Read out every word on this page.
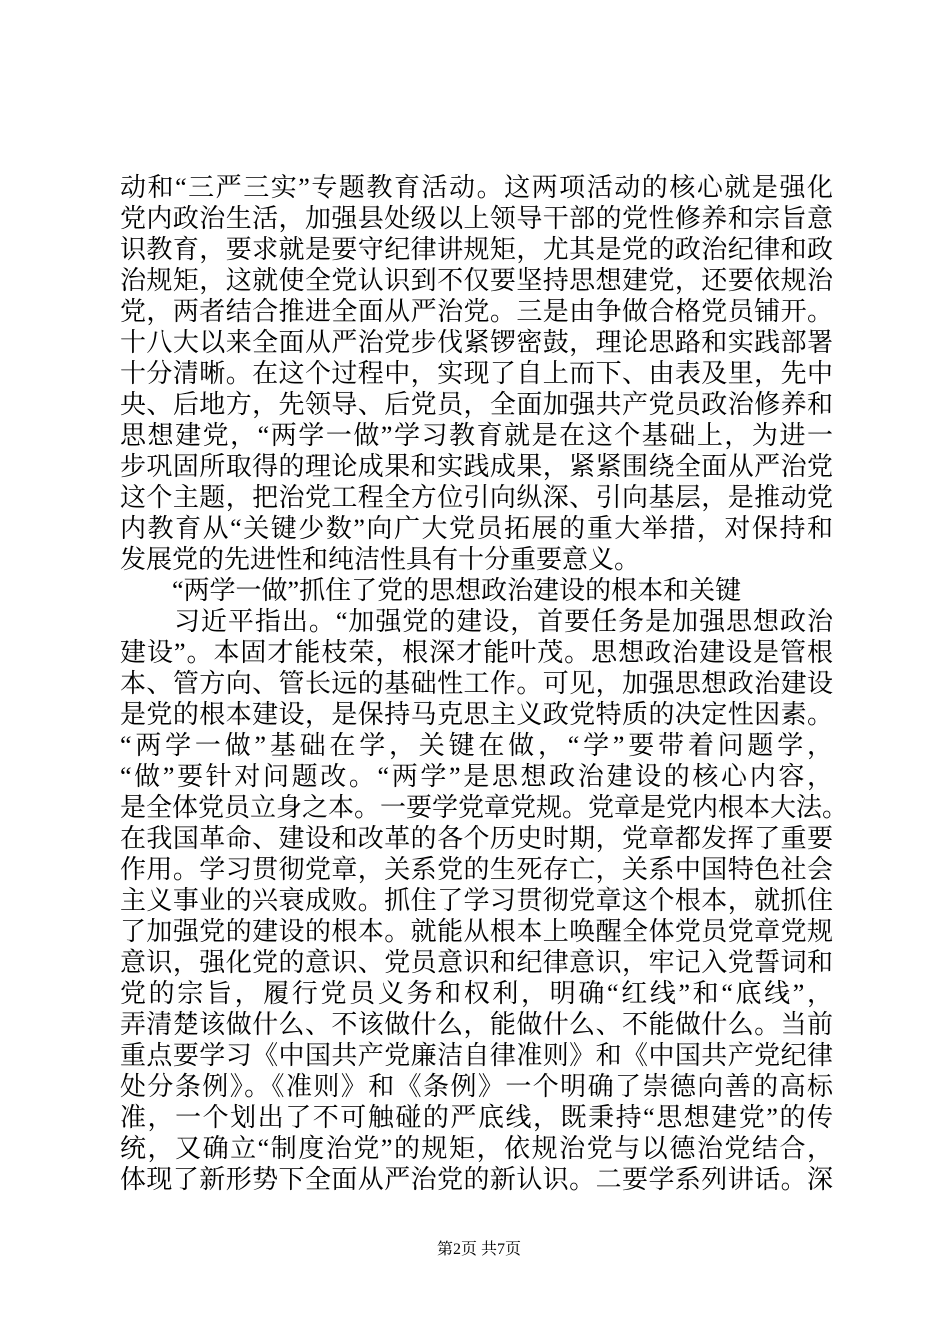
动和“三严三实”专题教育活动。这两项活动的核心就是强化
党内政治生活，加强县处级以上领导干部的党性修养和宗旨意
识教育，要求就是要守纪律讲规矩，尤其是党的政治纪律和政
治规矩，这就使全党认识到不仅要坚持思想建党，还要依规治
党，两者结合推进全面从严治党。三是由争做合格党员铺开。
十八大以来全面从严治党步伐紧锣密鼓，理论思路和实践部署
十分清晰。在这个过程中，实现了自上而下、由表及里，先中
央、后地方，先领导、后党员，全面加强共产党员政治修养和
思想建党，“两学一做”学习教育就是在这个基础上，为进一
步巩固所取得的理论成果和实践成果，紧紧围绕全面从严治党
这个主题，把治党工程全方位引向纵深、引向基层，是推动党
内教育从“关键少数”向广大党员拓展的重大举措，对保持和
发展党的先进性和纯洁性具有十分重要意义。
　　“两学一做”抓住了党的思想政治建设的根本和关键
　　习近平指出。“加强党的建设，首要任务是加强思想政治
建设”。本固才能枝荣，根深才能叶茂。思想政治建设是管根
本、管方向、管长远的基础性工作。可见，加强思想政治建设
是党的根本建设，是保持马克思主义政党特质的决定性因素。
“两学一做”基础在学，关键在做，“学”要带着问题学，
“做”要针对问题改。“两学”是思想政治建设的核心内容，
是全体党员立身之本。一要学党章党规。党章是党内根本大法。
在我国革命、建设和改革的各个历史时期，党章都发挥了重要
作用。学习贯彻党章，关系党的生死存亡，关系中国特色社会
主义事业的兴衰成败。抓住了学习贯彻党章这个根本，就抓住
了加强党的建设的根本。就能从根本上唤醒全体党员党章党规
意识，强化党的意识、党员意识和纪律意识，牢记入党誓词和
党的宗旨，履行党员义务和权利，明确“红线”和“底线”，
弄清楚该做什么、不该做什么，能做什么、不能做什么。当前
重点要学习《中国共产党廉洁自律准则》和《中国共产党纪律
处分条例》。《准则》和《条例》一个明确了崇德向善的高标
准，一个划出了不可触碰的严底线，既秉持“思想建党”的传
统，又确立“制度治党”的规矩，依规治党与以德治党结合，
体现了新形势下全面从严治党的新认识。二要学系列讲话。深
第2页 共7页
